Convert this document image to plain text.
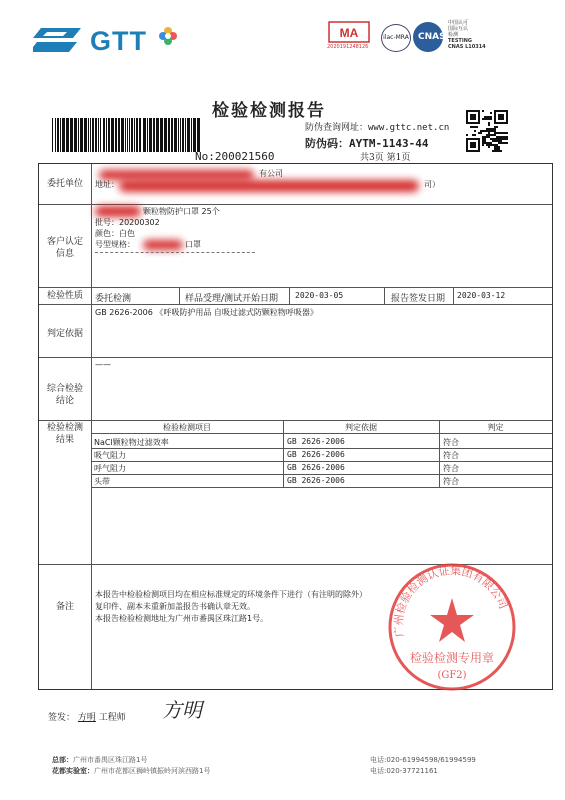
GTT	MA
2020191248126
ilac-MRA CNAS
中国认可
国际互认
检测
TESTING
CNAS L10314
检验检测报告
No:200021560
防伪查询网址：www.gttc.net.cn
防伪码：AYTM-1143-44
共3页 第1页
委托单位
有公司
地址：	司）
客户认定
信息
颗粒物防护口罩 25个
批号：20200302
颜色：白色
号型规格：	口罩
检验性质	委托检测	样品受理/测试开始日期 2020-03-05	报告签发日期 2020-03-12
判定依据
GB 2626-2006 《呼吸防护用品 自吸过滤式防颗粒物呼吸器》
综合检验
结论
——
检验检测
结果
检验检测项目	判定依据	判定
NaCl颗粒物过滤效率	GB 2626-2006	符合
吸气阻力	GB 2626-2006	符合
呼气阻力	GB 2626-2006	符合
头带	GB 2626-2006	符合
备注
本报告中检验检测项目均在相应标准规定的环境条件下进行（有注明的除外）
复印件、副本未重新加盖报告书确认章无效。
本报告检验检测地址为广州市番禺区珠江路1号。
广州检验检测认证集团有限公司
检验检测专用章
(GF2)
签发： 方明 工程师 方明
总部：广州市番禺区珠江路1号	电话:020-61994598/61994599
花都实验室：广州市花都区狮岭镇振岭河滨西路1号	电话:020-37721161
